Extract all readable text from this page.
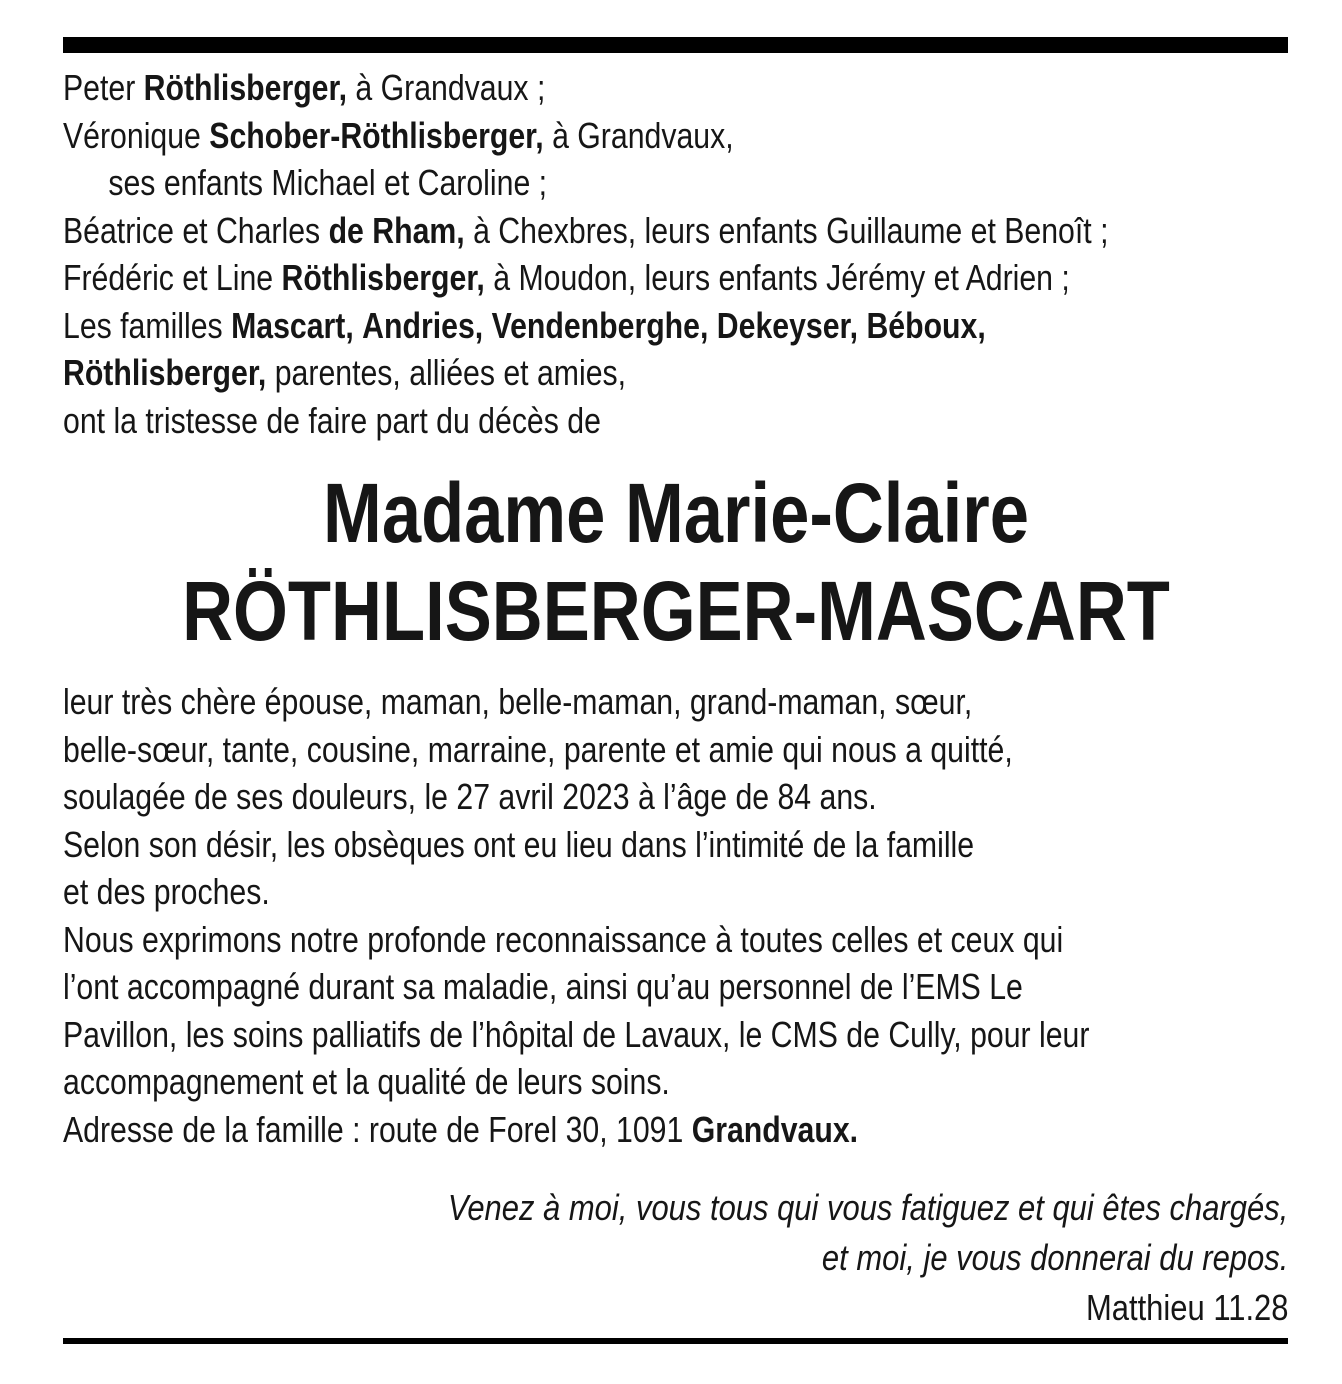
Peter Röthlisberger, à Grandvaux ;
Véronique Schober-Röthlisberger, à Grandvaux,
ses enfants Michael et Caroline ;
Béatrice et Charles de Rham, à Chexbres, leurs enfants Guillaume et Benoît ;
Frédéric et Line Röthlisberger, à Moudon, leurs enfants Jérémy et Adrien ;
Les familles Mascart, Andries, Vendenberghe, Dekeyser, Béboux,
Röthlisberger, parentes, alliées et amies,
ont la tristesse de faire part du décès de
Madame Marie-Claire
RÖTHLISBERGER-MASCART
leur très chère épouse, maman, belle-maman, grand-maman, sœur,
belle-sœur, tante, cousine, marraine, parente et amie qui nous a quitté,
soulagée de ses douleurs, le 27 avril 2023 à l’âge de 84 ans.
Selon son désir, les obsèques ont eu lieu dans l’intimité de la famille
et des proches.
Nous exprimons notre profonde reconnaissance à toutes celles et ceux qui
l’ont accompagné durant sa maladie, ainsi qu’au personnel de l’EMS Le
Pavillon, les soins palliatifs de l’hôpital de Lavaux, le CMS de Cully, pour leur
accompagnement et la qualité de leurs soins.
Adresse de la famille : route de Forel 30, 1091 Grandvaux.
Venez à moi, vous tous qui vous fatiguez et qui êtes chargés,
et moi, je vous donnerai du repos.
Matthieu 11.28
